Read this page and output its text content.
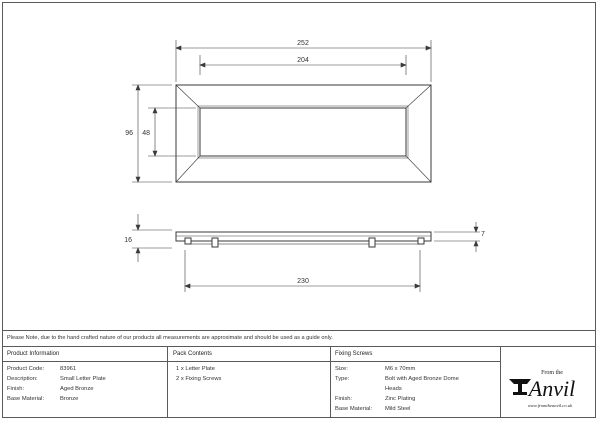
252
204
96 48
16
7
230
Please Note, due to the hand crafted nature of our products all measurements are approximate and should be used as a guide only.
Product Information
Product Code:	83961
Description:	Small Letter Plate
Finish:	Aged Bronze
Base Material:	Bronze
Pack Contents
1 x Letter Plate
2 x Fixing Screws
Fixing Screws
Size:	M6 x 70mm
Type:	Bolt with Aged Bronze Dome
Heads
Finish:	Zinc Plating
Base Material: Mild Steel
From the
Anvil
www.fromtheanvil.co.uk
